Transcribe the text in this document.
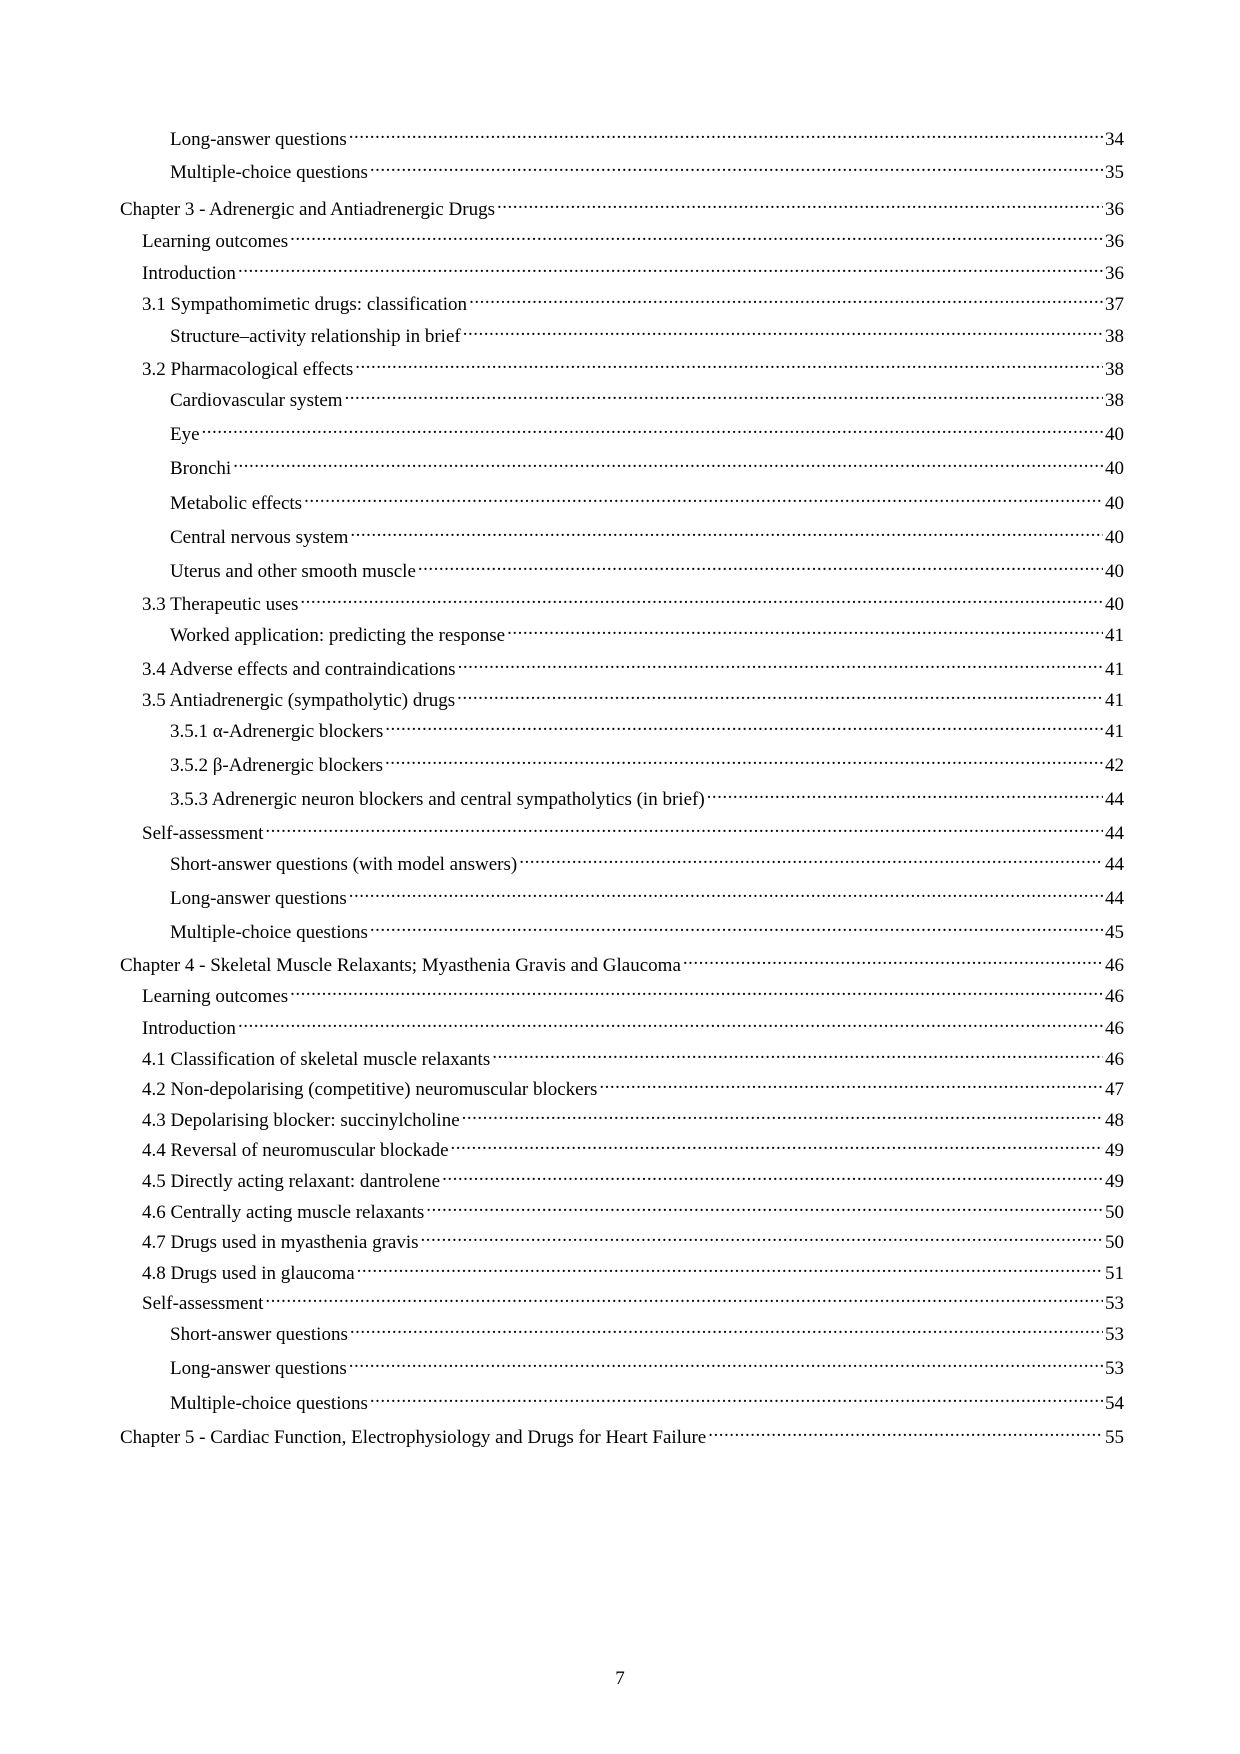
Long-answer questions .....	34
Multiple-choice questions .....	35
Chapter 3 - Adrenergic and Antiadrenergic Drugs .....	36
Learning outcomes .....	36
Introduction .....	36
3.1 Sympathomimetic drugs: classification .....	37
Structure–activity relationship in brief .....	38
3.2 Pharmacological effects .....	38
Cardiovascular system .....	38
Eye .....	40
Bronchi .....	40
Metabolic effects .....	40
Central nervous system .....	40
Uterus and other smooth muscle .....	40
3.3 Therapeutic uses .....	40
Worked application: predicting the response .....	41
3.4 Adverse effects and contraindications .....	41
3.5 Antiadrenergic (sympatholytic) drugs .....	41
3.5.1 α-Adrenergic blockers .....	41
3.5.2 β-Adrenergic blockers .....	42
3.5.3 Adrenergic neuron blockers and central sympatholytics (in brief) .....	44
Self-assessment .....	44
Short-answer questions (with model answers) .....	44
Long-answer questions .....	44
Multiple-choice questions .....	45
Chapter 4 - Skeletal Muscle Relaxants; Myasthenia Gravis and Glaucoma .....	46
Learning outcomes .....	46
Introduction .....	46
4.1 Classification of skeletal muscle relaxants .....	46
4.2 Non-depolarising (competitive) neuromuscular blockers .....	47
4.3 Depolarising blocker: succinylcholine .....	48
4.4 Reversal of neuromuscular blockade .....	49
4.5 Directly acting relaxant: dantrolene .....	49
4.6 Centrally acting muscle relaxants .....	50
4.7 Drugs used in myasthenia gravis .....	50
4.8 Drugs used in glaucoma .....	51
Self-assessment .....	53
Short-answer questions .....	53
Long-answer questions .....	53
Multiple-choice questions .....	54
Chapter 5 - Cardiac Function, Electrophysiology and Drugs for Heart Failure .....	55
7
